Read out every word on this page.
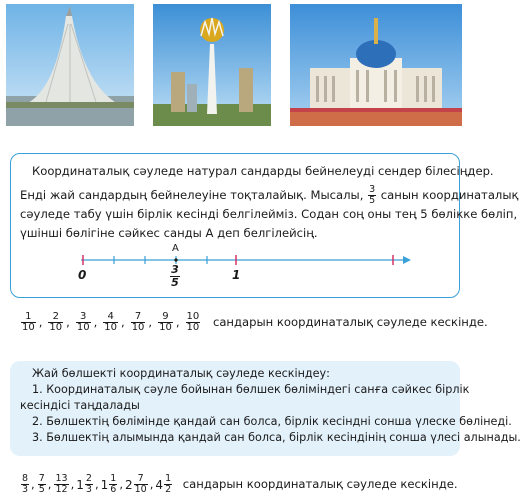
Координаталық сәуледе натурал сандарды бейнелеуді сендер білесіңдер.
Енді жай сандардың бейнелеуіне тоқталайық. Мысалы, $\frac{3}{5}$ санын координаталық
сәуледе табу үшін бірлік кесінді белгілейміз. Содан соң оны тең 5 бөлікке бөліп,
үшінші бөлігіне сәйкес санды А деп белгілейсің.
A
0	1
3
5
$\frac{1}{10}$ , $\frac{2}{10}$ , $\frac{3}{10}$ , $\frac{4}{10}$ , $\frac{7}{10}$ , $\frac{9}{10}$ , $\frac{10}{10}$ сандарын координаталық сәуледе кескінде.
Жай бөлшекті координаталық сәуледе кескіндеу:
1. Координаталық сәуле бойынан бөлшек бөліміндегі санға сәйкес бірлік
кесіндісі таңдалады
2. Бөлшектің бөлімінде қандай сан болса, бірлік кесіндні сонша үлеске бөлінеді.
3. Бөлшектің алымында қандай сан болса, бірлік кесіндінің сонша үлесі алынады.
$\frac{8}{3}$ , $\frac{7}{5}$ , $\frac{13}{12}$ , $1 \frac{2}{3}$ , $1 \frac{1}{6}$ , $2 \frac{7}{10}$ , $4 \frac{1}{2}$ сандарын координаталық сәуледе кескінде.
